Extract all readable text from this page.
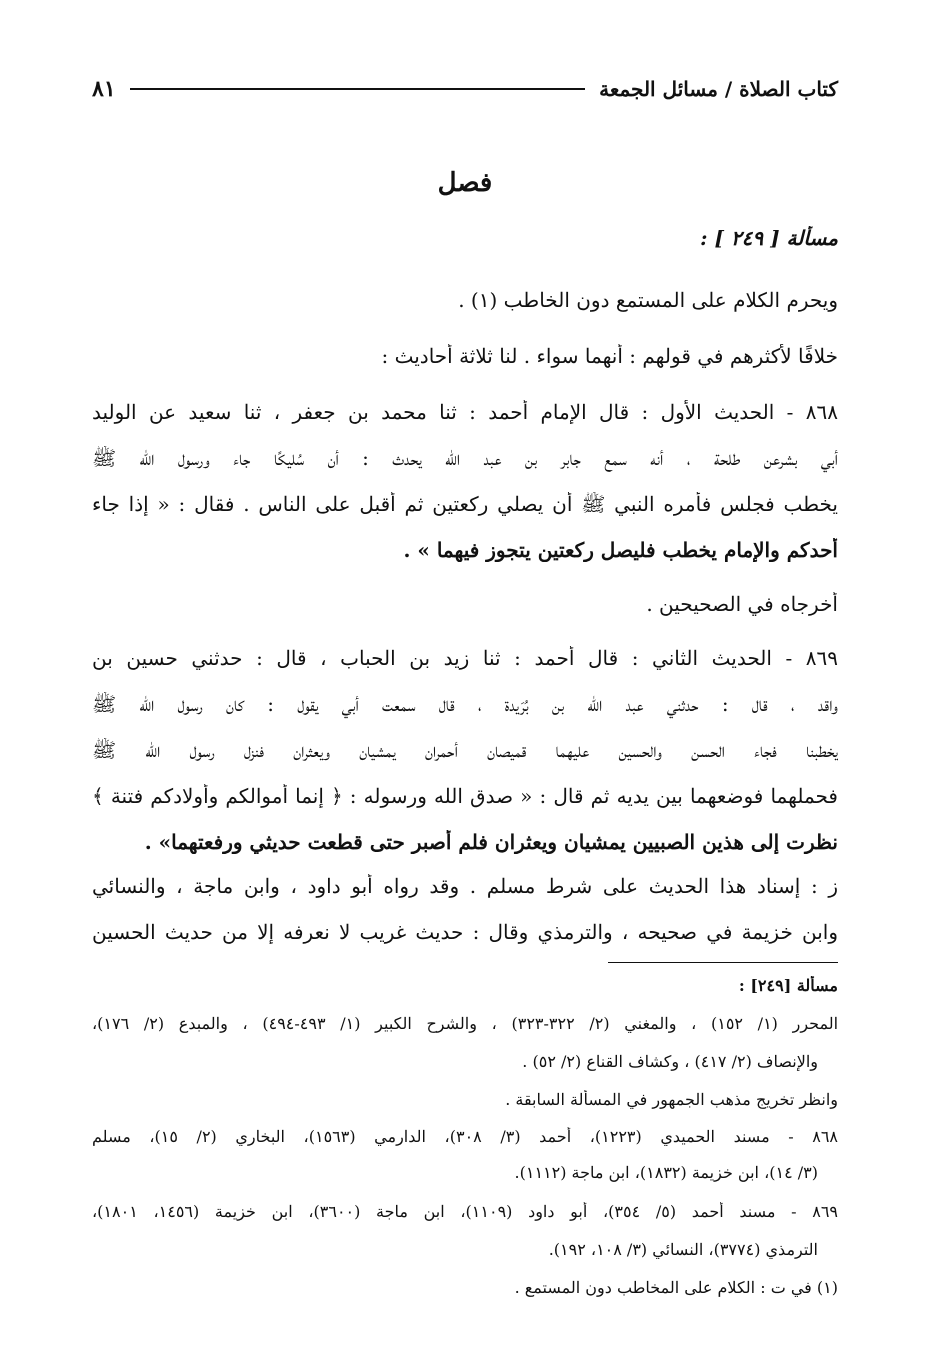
كتاب الصلاة / مسائل الجمعة
٨١
فصل
مسألة [ ٢٤٩ ] :
ويحرم الكلام على المستمع دون الخاطب (١) .
خلافًا لأكثرهم في قولهم : أنهما سواء . لنا ثلاثة أحاديث :
٨٦٨ - الحديث الأول : قال الإمام أحمد : ثنا محمد بن جعفر ، ثنا سعيد عن الوليد
أبي بشرعن طلحة ، أنه سمع جابر بن عبد الله يحدث : أن سُليكًا جاء ورسول الله ﷺ
يخطب فجلس فأمره النبي ﷺ أن يصلي ركعتين ثم أقبل على الناس . فقال : « إذا جاء
أحدكم والإمام يخطب فليصل ركعتين يتجوز فيهما » .
أخرجاه في الصحيحين .
٨٦٩ - الحديث الثاني : قال أحمد : ثنا زيد بن الحباب ، قال : حدثني حسين بن
واقد ، قال : حدثني عبد الله بن بُرَيدة ، قال سمعت أبي يقول : كان رسول الله ﷺ
يخطبنا فجاء الحسن والحسين عليهما قميصان أحمران يمشيان ويعثران فنزل رسول الله ﷺ
فحملهما فوضعهما بين يديه ثم قال : « صدق الله ورسوله : ﴿ إنما أموالكم وأولادكم فتنة ﴾
نظرت إلى هذين الصبيين يمشيان ويعثران فلم أصبر حتى قطعت حديثي ورفعتهما» .
ز : إسناد هذا الحديث على شرط مسلم . وقد رواه أبو داود ، وابن ماجة ، والنسائي
وابن خزيمة في صحيحه ، والترمذي وقال : حديث غريب لا نعرفه إلا من حديث الحسين
مسألة [٢٤٩] :
المحرر (١/ ١٥٢) ، والمغني (٢/ ٣٢٢-٣٢٣) ، والشرح الكبير (١/ ٤٩٣-٤٩٤) ، والمبدع (٢/ ١٧٦)،
والإنصاف (٢/ ٤١٧) ، وكشاف القناع (٢/ ٥٢) .
وانظر تخريج مذهب الجمهور في المسألة السابقة .
٨٦٨ - مسند الحميدي (١٢٢٣)، أحمد (٣/ ٣٠٨)، الدارمي (١٥٦٣)، البخاري (٢/ ١٥)، مسلم
(٣/ ١٤)، ابن خزيمة (١٨٣٢)، ابن ماجة (١١١٢).
٨٦٩ - مسند أحمد (٥/ ٣٥٤)، أبو داود (١١٠٩)، ابن ماجة (٣٦٠٠)، ابن خزيمة (١٤٥٦، ١٨٠١)،
الترمذي (٣٧٧٤)، النسائي (٣/ ١٠٨، ١٩٢).
(١) في ت : الكلام على المخاطب دون المستمع .
